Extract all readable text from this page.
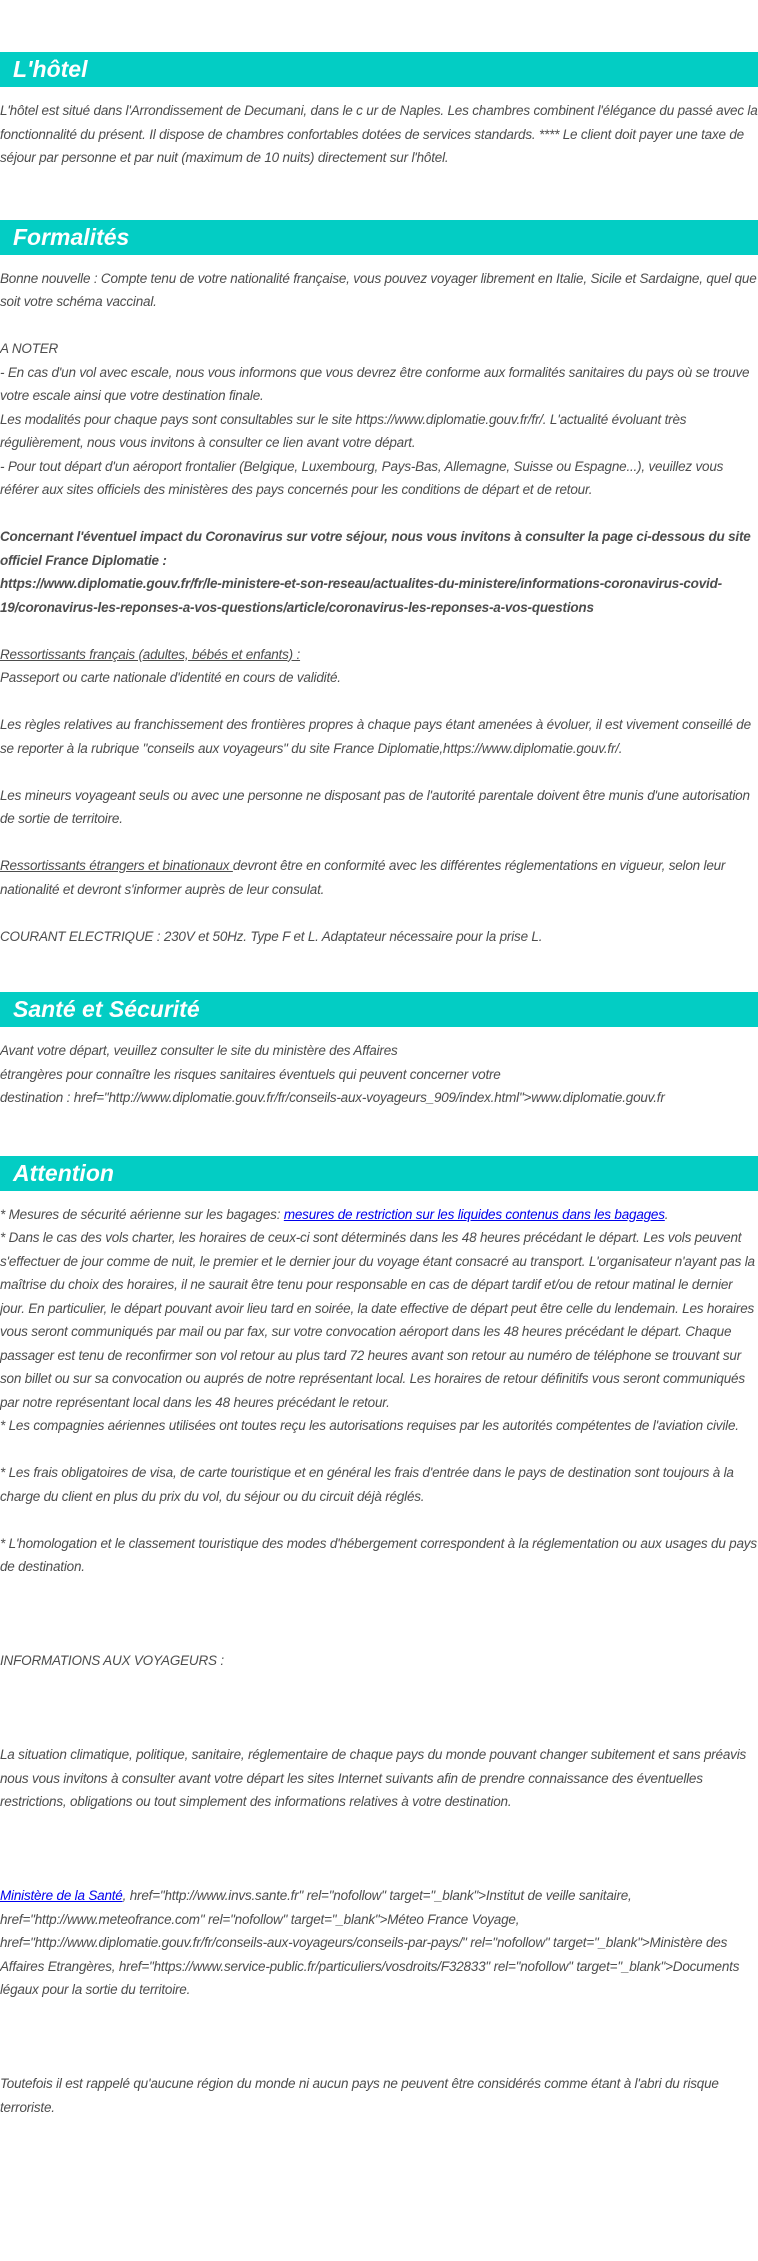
L'hôtel
L'hôtel est situé dans l'Arrondissement de Decumani, dans le c ur de Naples. Les chambres combinent l'élégance du passé avec la fonctionnalité du présent. Il dispose de chambres confortables dotées de services standards. **** Le client doit payer une taxe de séjour par personne et par nuit (maximum de 10 nuits) directement sur l'hôtel.
Formalités
Bonne nouvelle : Compte tenu de votre nationalité française, vous pouvez voyager librement en Italie, Sicile et Sardaigne, quel que soit votre schéma vaccinal.
A NOTER
- En cas d'un vol avec escale, nous vous informons que vous devrez être conforme aux formalités sanitaires du pays où se trouve votre escale ainsi que votre destination finale.
Les modalités pour chaque pays sont consultables sur le site https://www.diplomatie.gouv.fr/fr/. L'actualité évoluant très régulièrement, nous vous invitons à consulter ce lien avant votre départ.
- Pour tout départ d'un aéroport frontalier (Belgique, Luxembourg, Pays-Bas, Allemagne, Suisse ou Espagne...), veuillez vous référer aux sites officiels des ministères des pays concernés pour les conditions de départ et de retour.
Concernant l'éventuel impact du Coronavirus sur votre séjour, nous vous invitons à consulter la page ci-dessous du site officiel France Diplomatie :
https://www.diplomatie.gouv.fr/fr/le-ministere-et-son-reseau/actualites-du-ministere/informations-coronavirus-covid-19/coronavirus-les-reponses-a-vos-questions/article/coronavirus-les-reponses-a-vos-questions
Ressortissants français (adultes, bébés et enfants) :
Passeport ou carte nationale d'identité en cours de validité.
Les règles relatives au franchissement des frontières propres à chaque pays étant amenées à évoluer, il est vivement conseillé de se reporter à la rubrique "conseils aux voyageurs" du site France Diplomatie,https://www.diplomatie.gouv.fr/.
Les mineurs voyageant seuls ou avec une personne ne disposant pas de l'autorité parentale doivent être munis d'une autorisation de sortie de territoire.
Ressortissants étrangers et binationaux devront être en conformité avec les différentes réglementations en vigueur, selon leur nationalité et devront s'informer auprès de leur consulat.
COURANT ELECTRIQUE : 230V et 50Hz. Type F et L. Adaptateur nécessaire pour la prise L.
Santé et Sécurité
Avant votre départ, veuillez consulter le site du ministère des Affaires
étrangères pour connaître les risques sanitaires éventuels qui peuvent concerner votre
destination : href="http://www.diplomatie.gouv.fr/fr/conseils-aux-voyageurs_909/index.html">www.diplomatie.gouv.fr
Attention
* Mesures de sécurité aérienne sur les bagages: mesures de restriction sur les liquides contenus dans les bagages.
* Dans le cas des vols charter, les horaires de ceux-ci sont déterminés dans les 48 heures précédant le départ. Les vols peuvent s'effectuer de jour comme de nuit, le premier et le dernier jour du voyage étant consacré au transport. L'organisateur n'ayant pas la maîtrise du choix des horaires, il ne saurait être tenu pour responsable en cas de départ tardif et/ou de retour matinal le dernier jour. En particulier, le départ pouvant avoir lieu tard en soirée, la date effective de départ peut être celle du lendemain. Les horaires vous seront communiqués par mail ou par fax, sur votre convocation aéroport dans les 48 heures précédant le départ. Chaque passager est tenu de reconfirmer son vol retour au plus tard 72 heures avant son retour au numéro de téléphone se trouvant sur son billet ou sur sa convocation ou auprés de notre représentant local. Les horaires de retour définitifs vous seront communiqués par notre représentant local dans les 48 heures précédant le retour.
* Les compagnies aériennes utilisées ont toutes reçu les autorisations requises par les autorités compétentes de l'aviation civile.
* Les frais obligatoires de visa, de carte touristique et en général les frais d'entrée dans le pays de destination sont toujours à la charge du client en plus du prix du vol, du séjour ou du circuit déjà réglés.
* L'homologation et le classement touristique des modes d'hébergement correspondent à la réglementation ou aux usages du pays de destination.
INFORMATIONS AUX VOYAGEURS :
La situation climatique, politique, sanitaire, réglementaire de chaque pays du monde pouvant changer subitement et sans préavis
nous vous invitons à consulter avant votre départ les sites Internet suivants afin de prendre connaissance des éventuelles restrictions, obligations ou tout simplement des informations relatives à votre destination.
Ministère de la Santé, href="http://www.invs.sante.fr" rel="nofollow" target="_blank">Institut de veille sanitaire, href="http://www.meteofrance.com" rel="nofollow" target="_blank">Méteo France Voyage, href="http://www.diplomatie.gouv.fr/fr/conseils-aux-voyageurs/conseils-par-pays/" rel="nofollow" target="_blank">Ministère des Affaires Etrangères, href="https://www.service-public.fr/particuliers/vosdroits/F32833" rel="nofollow" target="_blank">Documents légaux pour la sortie du territoire.
Toutefois il est rappelé qu'aucune région du monde ni aucun pays ne peuvent être considérés comme étant à l'abri du risque terroriste.
